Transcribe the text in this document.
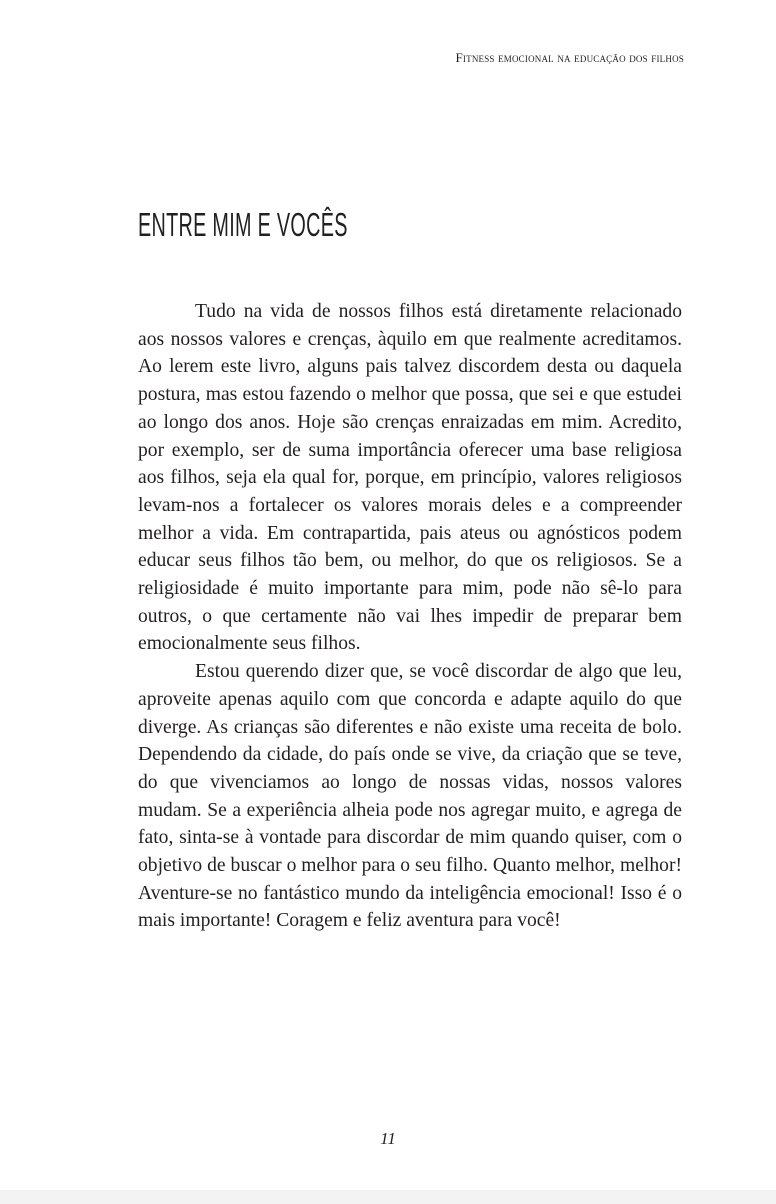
Fitness emocional na educação dos filhos
ENTRE MIM E VOCÊS

Tudo na vida de nossos filhos está diretamente relacionado aos nossos valores e crenças, àquilo em que realmente acreditamos. Ao lerem este livro, alguns pais talvez discordem desta ou daquela postura, mas estou fazendo o melhor que possa, que sei e que estudei ao longo dos anos. Hoje são crenças enraizadas em mim. Acredito, por exemplo, ser de suma importância oferecer uma base religiosa aos filhos, seja ela qual for, porque, em princípio, valores religiosos levam-nos a fortalecer os valores morais deles e a compreender melhor a vida. Em contrapartida, pais ateus ou agnósticos podem educar seus filhos tão bem, ou melhor, do que os religiosos. Se a religiosidade é muito importante para mim, pode não sê-lo para outros, o que certamente não vai lhes impedir de preparar bem emocionalmente seus filhos.

Estou querendo dizer que, se você discordar de algo que leu, aproveite apenas aquilo com que concorda e adapte aquilo do que diverge. As crianças são diferentes e não existe uma receita de bolo. Dependendo da cidade, do país onde se vive, da criação que se teve, do que vivenciamos ao longo de nossas vidas, nossos valores mudam. Se a experiência alheia pode nos agregar muito, e agrega de fato, sinta-se à vontade para discordar de mim quando quiser, com o objetivo de buscar o melhor para o seu filho. Quanto melhor, melhor! Aventure-se no fantástico mundo da inteligência emocional! Isso é o mais importante! Coragem e feliz aventura para você!

11
